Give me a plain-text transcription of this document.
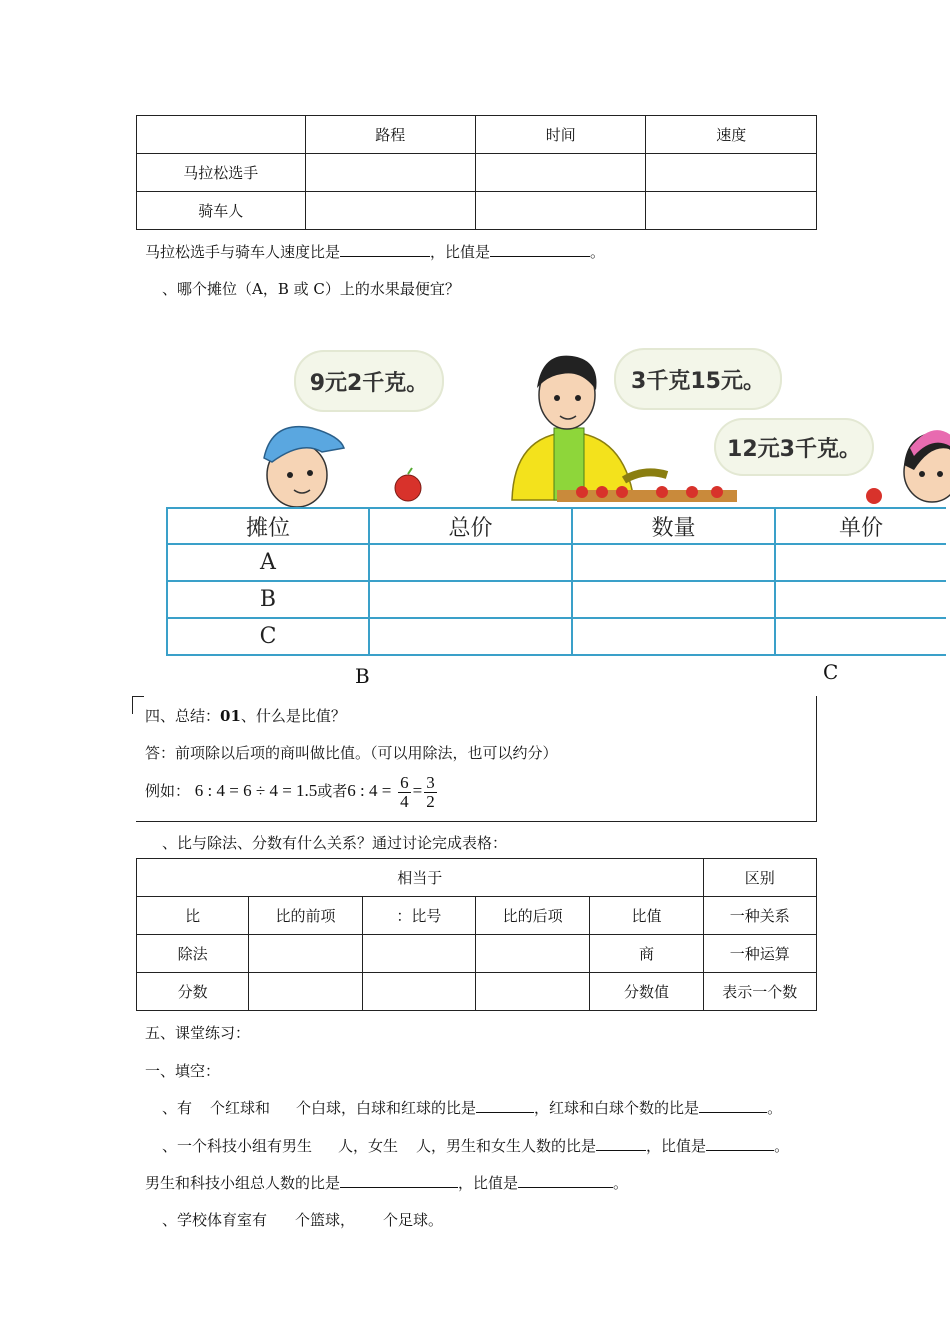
	路程	时间	速度
马拉松选手			
骑车人			
马拉松选手与骑车人速度比是	，比值是	。
、哪个摊位（A，B 或 C）上的水果最便宜？
9元2千克。	3千克15元。
12元3千克。
摊位	总价	数量	单价
A			
B			
C			
B	C
四、总结：01、什么是比值？
答：前项除以后项的商叫做比值。（可以用除法，也可以约分）
例如： 6 : 4 = 6 ÷ 4 = 1.5或者6 : $4 = \frac{6}{4} = \frac{3}{2}$
、比与除法、分数有什么关系？通过讨论完成表格：
相当于					区别
比	比的前项	：比号	比的后项	比值	一种关系
除法				商	一种运算
分数				分数值	表示一个数
五、课堂练习：
一、填空：
、有 个红球和 个白球，白球和红球的比是	，红球和白球个数的比是	。
、一个科技小组有男生 人，女生 人，男生和女生人数的比是	，比值是	。
男生和科技小组总人数的比是	，比值是	。
、学校体育室有 个篮球， 个足球。
